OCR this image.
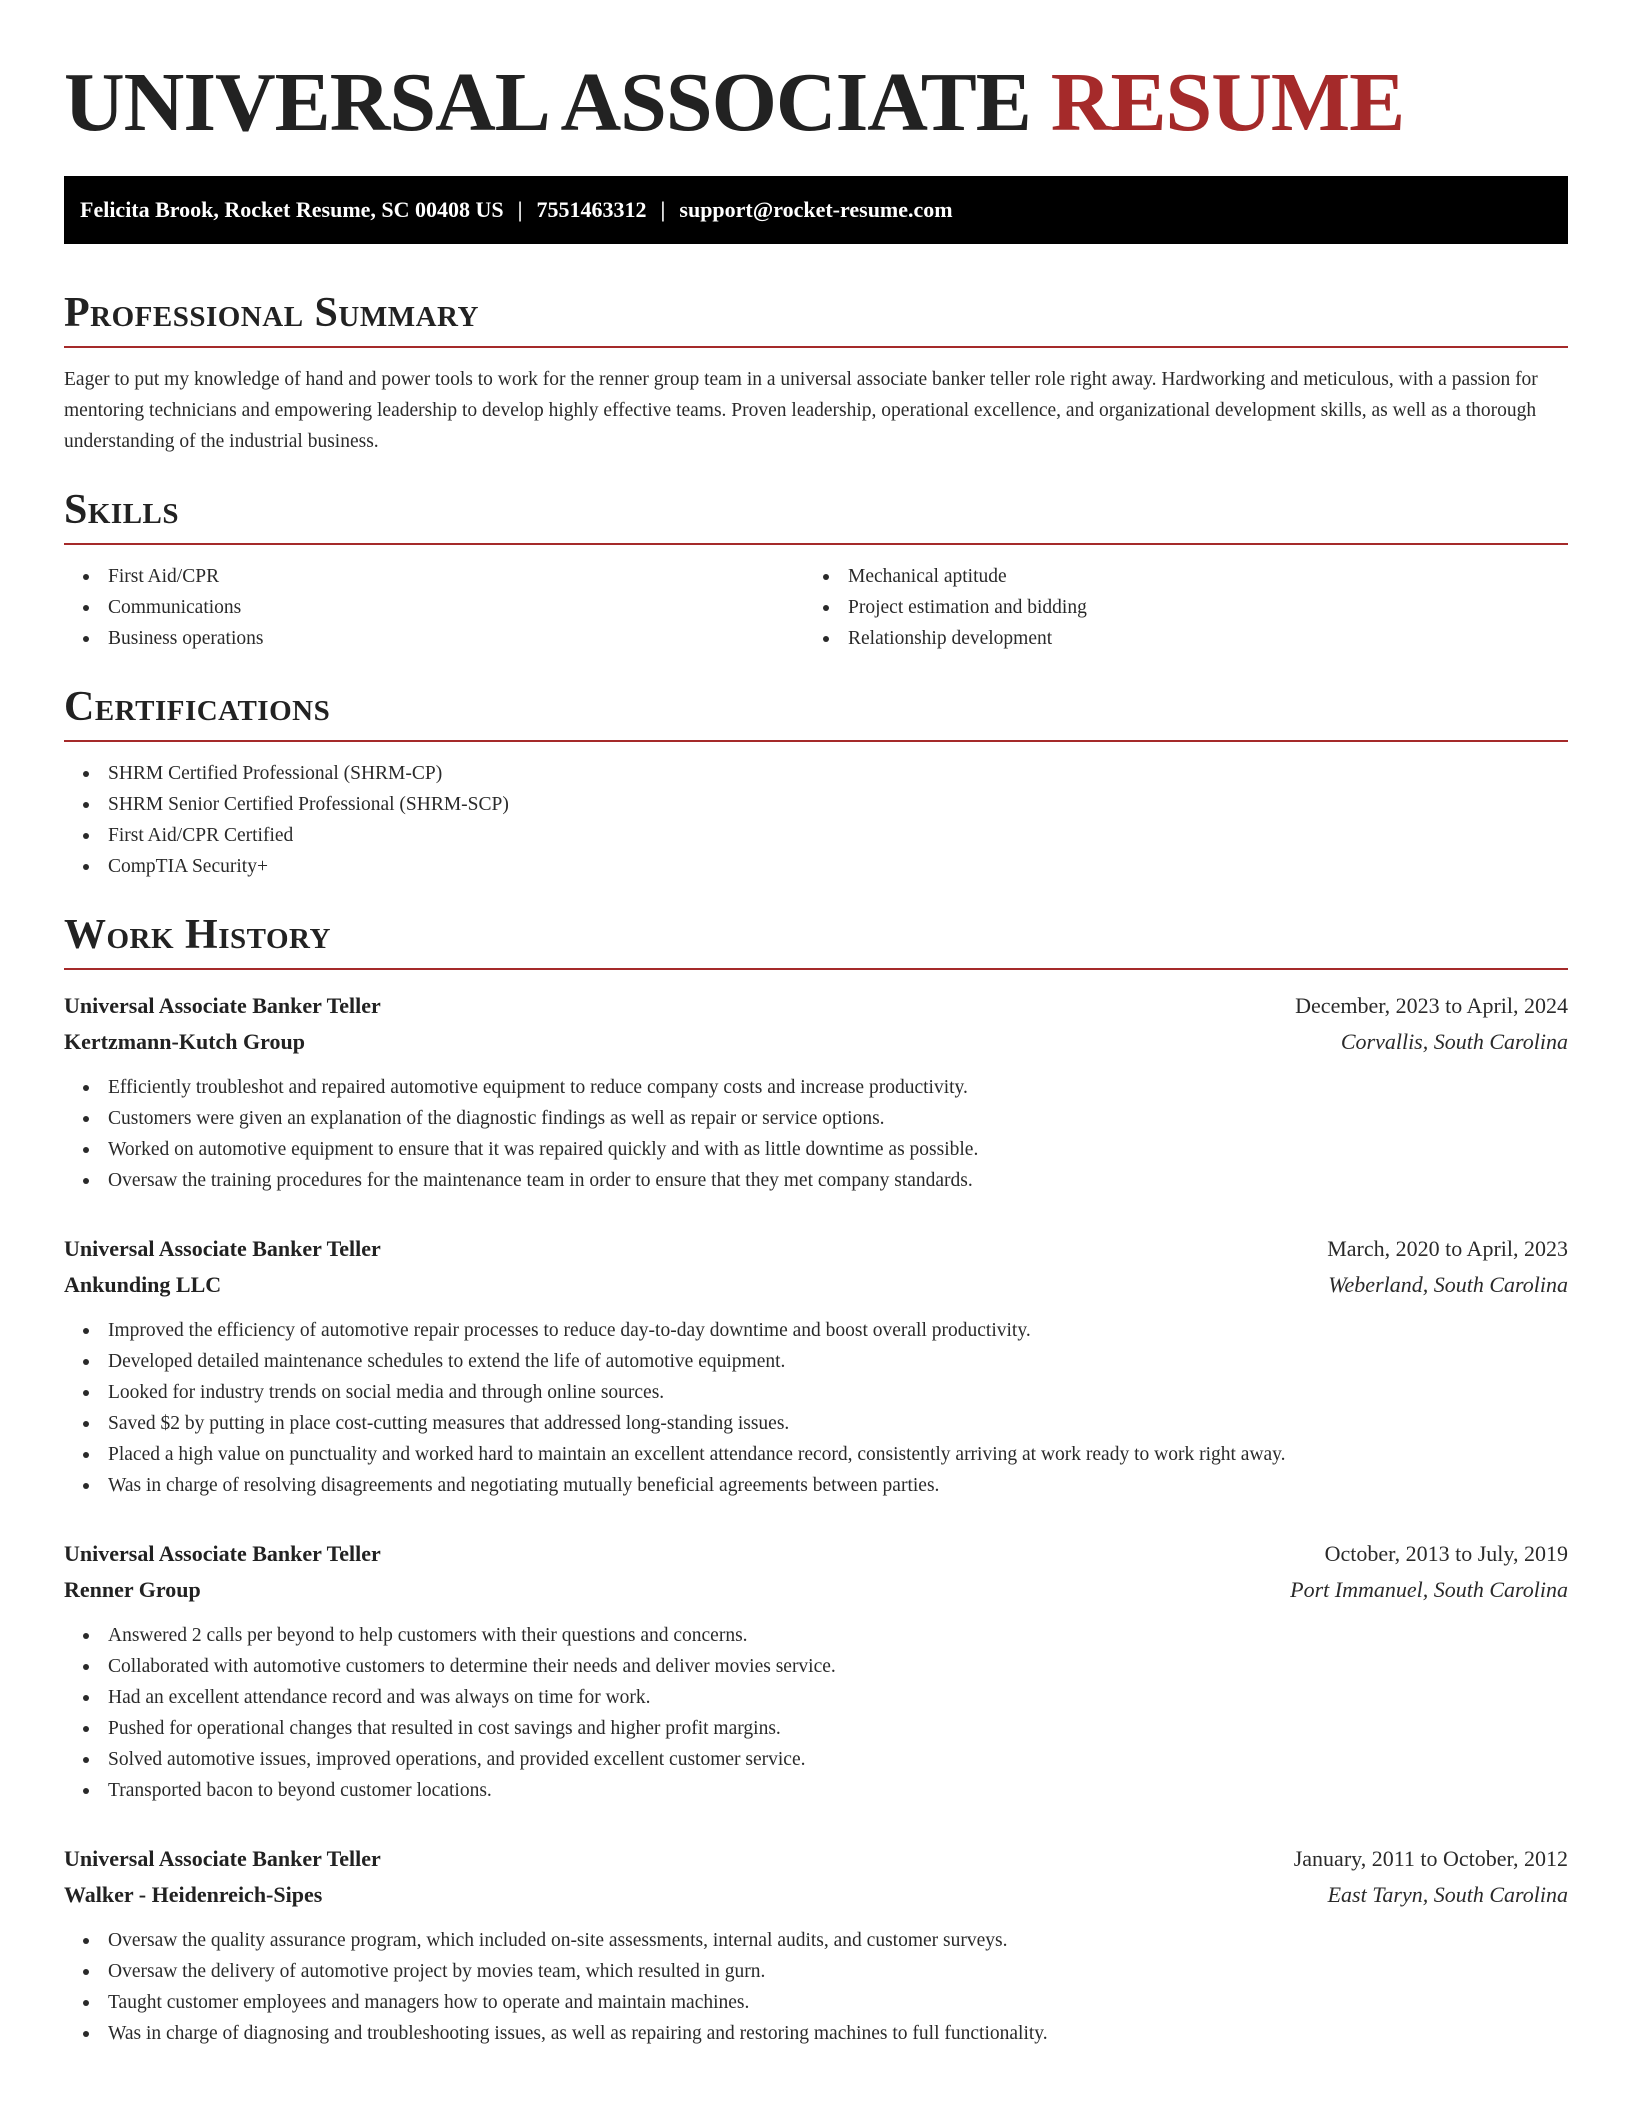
UNIVERSAL ASSOCIATE RESUME
Felicita Brook, Rocket Resume, SC 00408 US | 7551463312 | support@rocket-resume.com
Professional Summary

Eager to put my knowledge of hand and power tools to work for the renner group team in a universal associate banker teller role right away. Hardworking and meticulous, with a passion for mentoring technicians and empowering leadership to develop highly effective teams. Proven leadership, operational excellence, and organizational development skills, as well as a thorough understanding of the industrial business.

Skills
First Aid/CPR
Communications
Business operations
Mechanical aptitude
Project estimation and bidding
Relationship development
Certifications
SHRM Certified Professional (SHRM-CP)
SHRM Senior Certified Professional (SHRM-SCP)
First Aid/CPR Certified
CompTIA Security+
Work History
Universal Associate Banker Teller	December, 2023 to April, 2024
Kertzmann-Kutch Group	Corvallis, South Carolina
Efficiently troubleshot and repaired automotive equipment to reduce company costs and increase productivity.
Customers were given an explanation of the diagnostic findings as well as repair or service options.
Worked on automotive equipment to ensure that it was repaired quickly and with as little downtime as possible.
Oversaw the training procedures for the maintenance team in order to ensure that they met company standards.
Universal Associate Banker Teller	March, 2020 to April, 2023
Ankunding LLC	Weberland, South Carolina
Improved the efficiency of automotive repair processes to reduce day-to-day downtime and boost overall productivity.
Developed detailed maintenance schedules to extend the life of automotive equipment.
Looked for industry trends on social media and through online sources.
Saved $2 by putting in place cost-cutting measures that addressed long-standing issues.
Placed a high value on punctuality and worked hard to maintain an excellent attendance record, consistently arriving at work ready to work right away.
Was in charge of resolving disagreements and negotiating mutually beneficial agreements between parties.
Universal Associate Banker Teller	October, 2013 to July, 2019
Renner Group	Port Immanuel, South Carolina
Answered 2 calls per beyond to help customers with their questions and concerns.
Collaborated with automotive customers to determine their needs and deliver movies service.
Had an excellent attendance record and was always on time for work.
Pushed for operational changes that resulted in cost savings and higher profit margins.
Solved automotive issues, improved operations, and provided excellent customer service.
Transported bacon to beyond customer locations.
Universal Associate Banker Teller	January, 2011 to October, 2012
Walker - Heidenreich-Sipes	East Taryn, South Carolina
Oversaw the quality assurance program, which included on-site assessments, internal audits, and customer surveys.
Oversaw the delivery of automotive project by movies team, which resulted in gurn.
Taught customer employees and managers how to operate and maintain machines.
Was in charge of diagnosing and troubleshooting issues, as well as repairing and restoring machines to full functionality.
